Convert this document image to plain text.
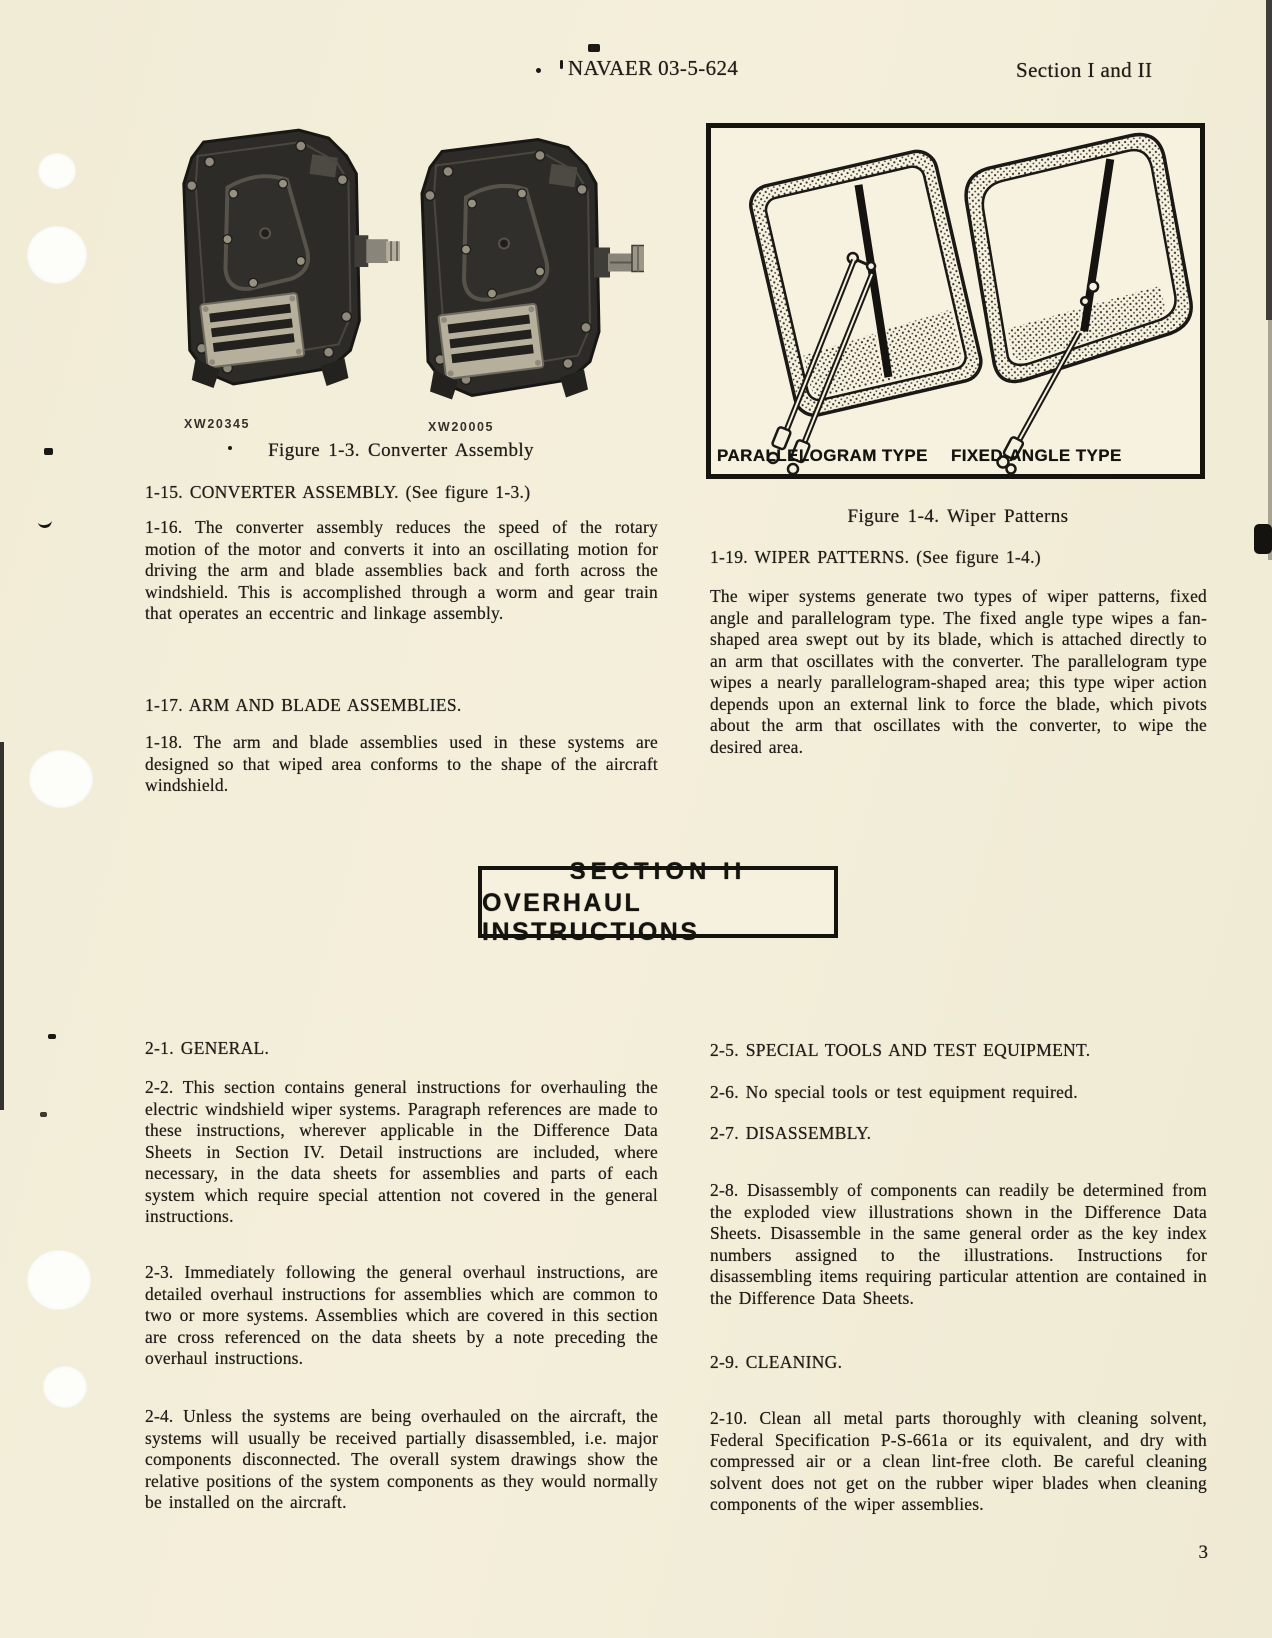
NAVAER 03-5-624	Section I and II
XW20345	XW20005
Figure 1-3. Converter Assembly
1-15. CONVERTER ASSEMBLY. (See figure 1-3.)
1-16. The converter assembly reduces the speed of the rotary motion of the motor and converts it into an oscillating motion for driving the arm and blade assemblies back and forth across the windshield. This is accomplished through a worm and gear train that operates an eccentric and linkage assembly.
1-17. ARM AND BLADE ASSEMBLIES.
1-18. The arm and blade assemblies used in these systems are designed so that wiped area conforms to the shape of the aircraft windshield.
PARALLELOGRAM TYPE FIXED-ANGLE TYPE
Figure 1-4. Wiper Patterns
1-19. WIPER PATTERNS. (See figure 1-4.)
The wiper systems generate two types of wiper patterns, fixed angle and parallelogram type. The fixed angle type wipes a fan-shaped area swept out by its blade, which is attached directly to an arm that oscillates with the converter. The parallelogram type wipes a nearly parallelogram-shaped area; this type wiper action depends upon an external link to force the blade, which pivots about the arm that oscillates with the converter, to wipe the desired area.
SECTION II
OVERHAUL INSTRUCTIONS
2-1. GENERAL.
2-2. This section contains general instructions for overhauling the electric windshield wiper systems. Paragraph references are made to these instructions, wherever applicable in the Difference Data Sheets in Section IV. Detail instructions are included, where necessary, in the data sheets for assemblies and parts of each system which require special attention not covered in the general instructions.
2-3. Immediately following the general overhaul instructions, are detailed overhaul instructions for assemblies which are common to two or more systems. Assemblies which are covered in this section are cross referenced on the data sheets by a note preceding the overhaul instructions.
2-4. Unless the systems are being overhauled on the aircraft, the systems will usually be received partially disassembled, i.e. major components disconnected. The overall system drawings show the relative positions of the system components as they would normally be installed on the aircraft.
2-5. SPECIAL TOOLS AND TEST EQUIPMENT.
2-6. No special tools or test equipment required.
2-7. DISASSEMBLY.
2-8. Disassembly of components can readily be determined from the exploded view illustrations shown in the Difference Data Sheets. Disassemble in the same general order as the key index numbers assigned to the illustrations. Instructions for disassembling items requiring particular attention are contained in the Difference Data Sheets.
2-9. CLEANING.
2-10. Clean all metal parts thoroughly with cleaning solvent, Federal Specification P-S-661a or its equivalent, and dry with compressed air or a clean lint-free cloth. Be careful cleaning solvent does not get on the rubber wiper blades when cleaning components of the wiper assemblies.
3
